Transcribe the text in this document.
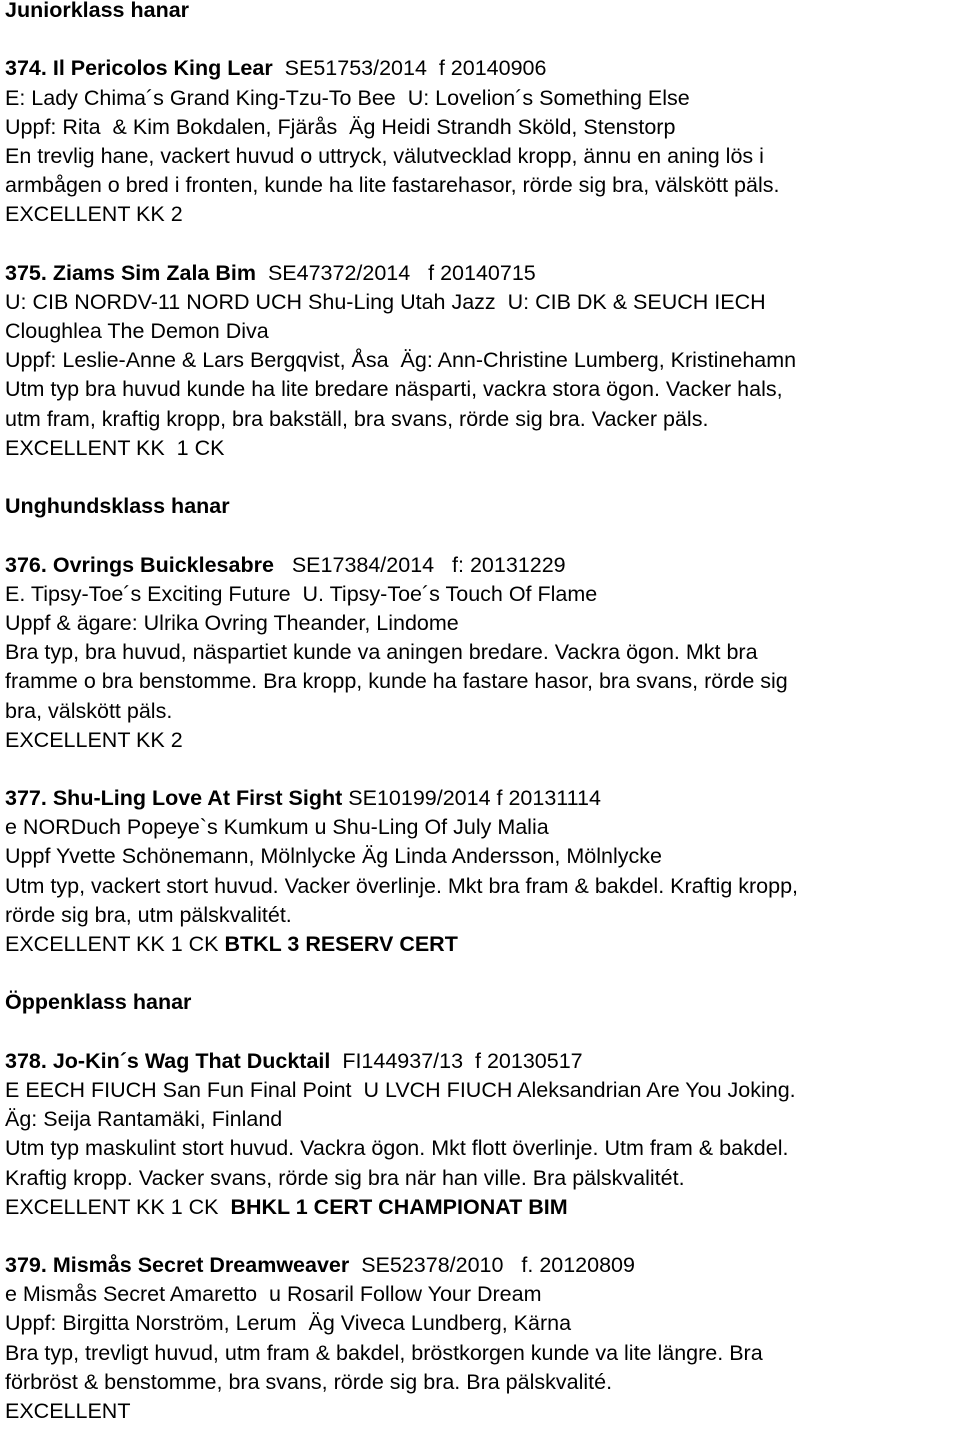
Juniorklass hanar
374. Il Pericolos King Lear SE51753/2014  f 20140906
E: Lady Chima´s Grand King-Tzu-To Bee  U: Lovelion´s Something Else
Uppf: Rita  & Kim Bokdalen, Fjärås  Äg Heidi Strandh Sköld, Stenstorp
En trevlig hane, vackert huvud o uttryck, välutvecklad kropp, ännu en aning lös i
armbågen o bred i fronten, kunde ha lite fastarehasor, rörde sig bra, välskött päls.
EXCELLENT KK 2
375. Ziams Sim Zala Bim SE47372/2014   f 20140715
U: CIB NORDV-11 NORD UCH Shu-Ling Utah Jazz  U: CIB DK & SEUCH IECH
Cloughlea The Demon Diva
Uppf: Leslie-Anne & Lars Bergqvist, Åsa  Äg: Ann-Christine Lumberg, Kristinehamn
Utm typ bra huvud kunde ha lite bredare näsparti, vackra stora ögon. Vacker hals,
utm fram, kraftig kropp, bra bakställ, bra svans, rörde sig bra. Vacker päls.
EXCELLENT KK  1 CK
Unghundsklass hanar
376. Ovrings Buicklesabre SE17384/2014   f: 20131229
E. Tipsy-Toe´s Exciting Future  U. Tipsy-Toe´s Touch Of Flame
Uppf & ägare: Ulrika Ovring Theander, Lindome
Bra typ, bra huvud, näspartiet kunde va aningen bredare. Vackra ögon. Mkt bra
framme o bra benstomme. Bra kropp, kunde ha fastare hasor, bra svans, rörde sig
bra, välskött päls.
EXCELLENT KK 2
377. Shu-Ling Love At First Sight SE10199/2014 f 20131114
e NORDuch Popeye`s Kumkum u Shu-Ling Of July Malia
Uppf Yvette Schönemann, Mölnlycke Äg Linda Andersson, Mölnlycke
Utm typ, vackert stort huvud. Vacker överlinje. Mkt bra fram & bakdel. Kraftig kropp,
rörde sig bra, utm pälskvalitét.
EXCELLENT KK 1 CK BTKL 3 RESERV CERT
Öppenklass hanar
378. Jo-Kin´s Wag That Ducktail FI144937/13  f 20130517
E EECH FIUCH San Fun Final Point  U LVCH FIUCH Aleksandrian Are You Joking.
Äg: Seija Rantamäki, Finland
Utm typ maskulint stort huvud. Vackra ögon. Mkt flott överlinje. Utm fram & bakdel.
Kraftig kropp. Vacker svans, rörde sig bra när han ville. Bra pälskvalitét.
EXCELLENT KK 1 CK BHKL 1 CERT CHAMPIONAT BIM
379. Mismås Secret Dreamweaver SE52378/2010   f. 20120809
e Mismås Secret Amaretto  u Rosaril Follow Your Dream
Uppf: Birgitta Norström, Lerum  Äg Viveca Lundberg, Kärna
Bra typ, trevligt huvud, utm fram & bakdel, bröstkorgen kunde va lite längre. Bra
förbröst & benstomme, bra svans, rörde sig bra. Bra pälskvalité.
EXCELLENT
